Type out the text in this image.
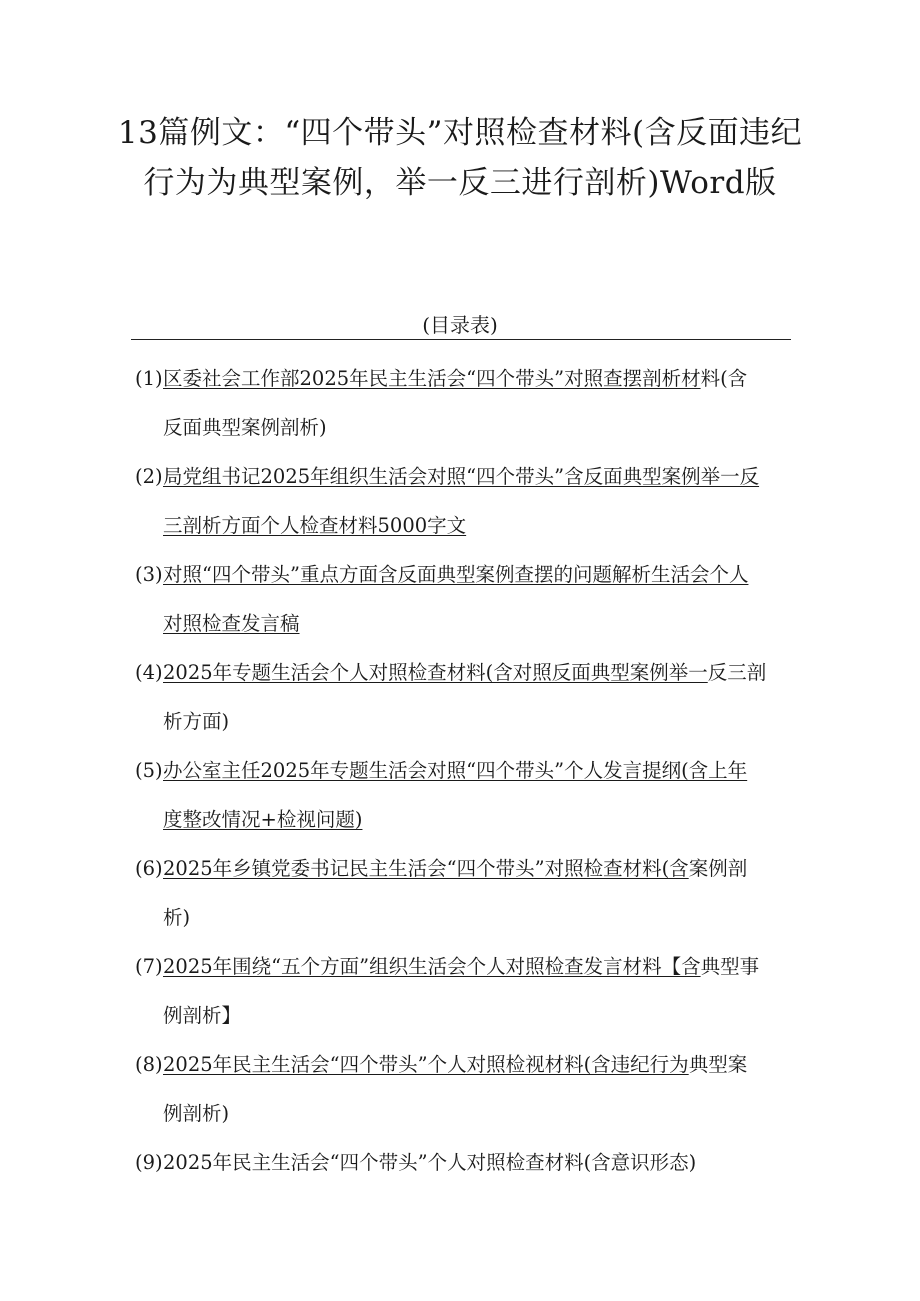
13篇例文：“四个带头”对照检查材料(含反面违纪
行为为典型案例，举一反三进行剖析)Word版
(目录表)
(1) 区委社会工作部2025年民主生活会“四个带头”对照查摆剖析材料(含
反面典型案例剖析)
(2) 局党组书记2025年组织生活会对照“四个带头”含反面典型案例举一反
三剖析方面个人检查材料5000字文
(3) 对照“四个带头”重点方面含反面典型案例查摆的问题解析生活会个人
对照检查发言稿
(4) 2025年专题生活会个人对照检查材料(含对照反面典型案例举一反三剖
析方面)
(5) 办公室主任2025年专题生活会对照“四个带头”个人发言提纲(含上年
度整改情况+检视问题)
(6) 2025年乡镇党委书记民主生活会“四个带头”对照检查材料(含案例剖
析)
(7) 2025年围绕“五个方面”组织生活会个人对照检查发言材料【含典型事
例剖析】
(8) 2025年民主生活会“四个带头”个人对照检视材料(含违纪行为典型案
例剖析)
(9) 2025年民主生活会“四个带头”个人对照检查材料(含意识形态)
